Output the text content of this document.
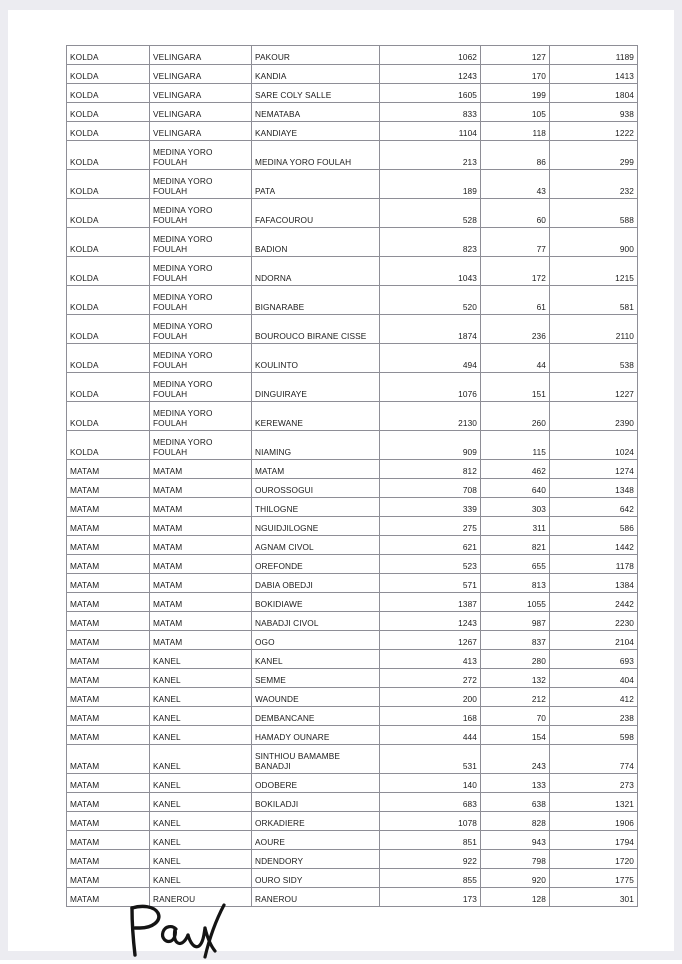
KOLDA	VELINGARA	PAKOUR	1062	127	1189
KOLDA	VELINGARA	KANDIA	1243	170	1413
KOLDA	VELINGARA	SARE COLY SALLE	1605	199	1804
KOLDA	VELINGARA	NEMATABA	833	105	938
KOLDA	VELINGARA	KANDIAYE	1104	118	1222
KOLDA	MEDINA YORO FOULAH	MEDINA YORO FOULAH	213	86	299
KOLDA	MEDINA YORO FOULAH	PATA	189	43	232
KOLDA	MEDINA YORO FOULAH	FAFACOUROU	528	60	588
KOLDA	MEDINA YORO FOULAH	BADION	823	77	900
KOLDA	MEDINA YORO FOULAH	NDORNA	1043	172	1215
KOLDA	MEDINA YORO FOULAH	BIGNARABE	520	61	581
KOLDA	MEDINA YORO FOULAH	BOUROUCO BIRANE CISSE	1874	236	2110
KOLDA	MEDINA YORO FOULAH	KOULINTO	494	44	538
KOLDA	MEDINA YORO FOULAH	DINGUIRAYE	1076	151	1227
KOLDA	MEDINA YORO FOULAH	KEREWANE	2130	260	2390
KOLDA	MEDINA YORO FOULAH	NIAMING	909	115	1024
MATAM	MATAM	MATAM	812	462	1274
MATAM	MATAM	OUROSSOGUI	708	640	1348
MATAM	MATAM	THILOGNE	339	303	642
MATAM	MATAM	NGUIDJILOGNE	275	311	586
MATAM	MATAM	AGNAM CIVOL	621	821	1442
MATAM	MATAM	OREFONDE	523	655	1178
MATAM	MATAM	DABIA OBEDJI	571	813	1384
MATAM	MATAM	BOKIDIAWE	1387	1055	2442
MATAM	MATAM	NABADJI CIVOL	1243	987	2230
MATAM	MATAM	OGO	1267	837	2104
MATAM	KANEL	KANEL	413	280	693
MATAM	KANEL	SEMME	272	132	404
MATAM	KANEL	WAOUNDE	200	212	412
MATAM	KANEL	DEMBANCANE	168	70	238
MATAM	KANEL	HAMADY OUNARE	444	154	598
MATAM	KANEL	SINTHIOU BAMAMBE BANADJI	531	243	774
MATAM	KANEL	ODOBERE	140	133	273
MATAM	KANEL	BOKILADJI	683	638	1321
MATAM	KANEL	ORKADIERE	1078	828	1906
MATAM	KANEL	AOURE	851	943	1794
MATAM	KANEL	NDENDORY	922	798	1720
MATAM	KANEL	OURO SIDY	855	920	1775
MATAM	RANEROU	RANEROU	173	128	301
